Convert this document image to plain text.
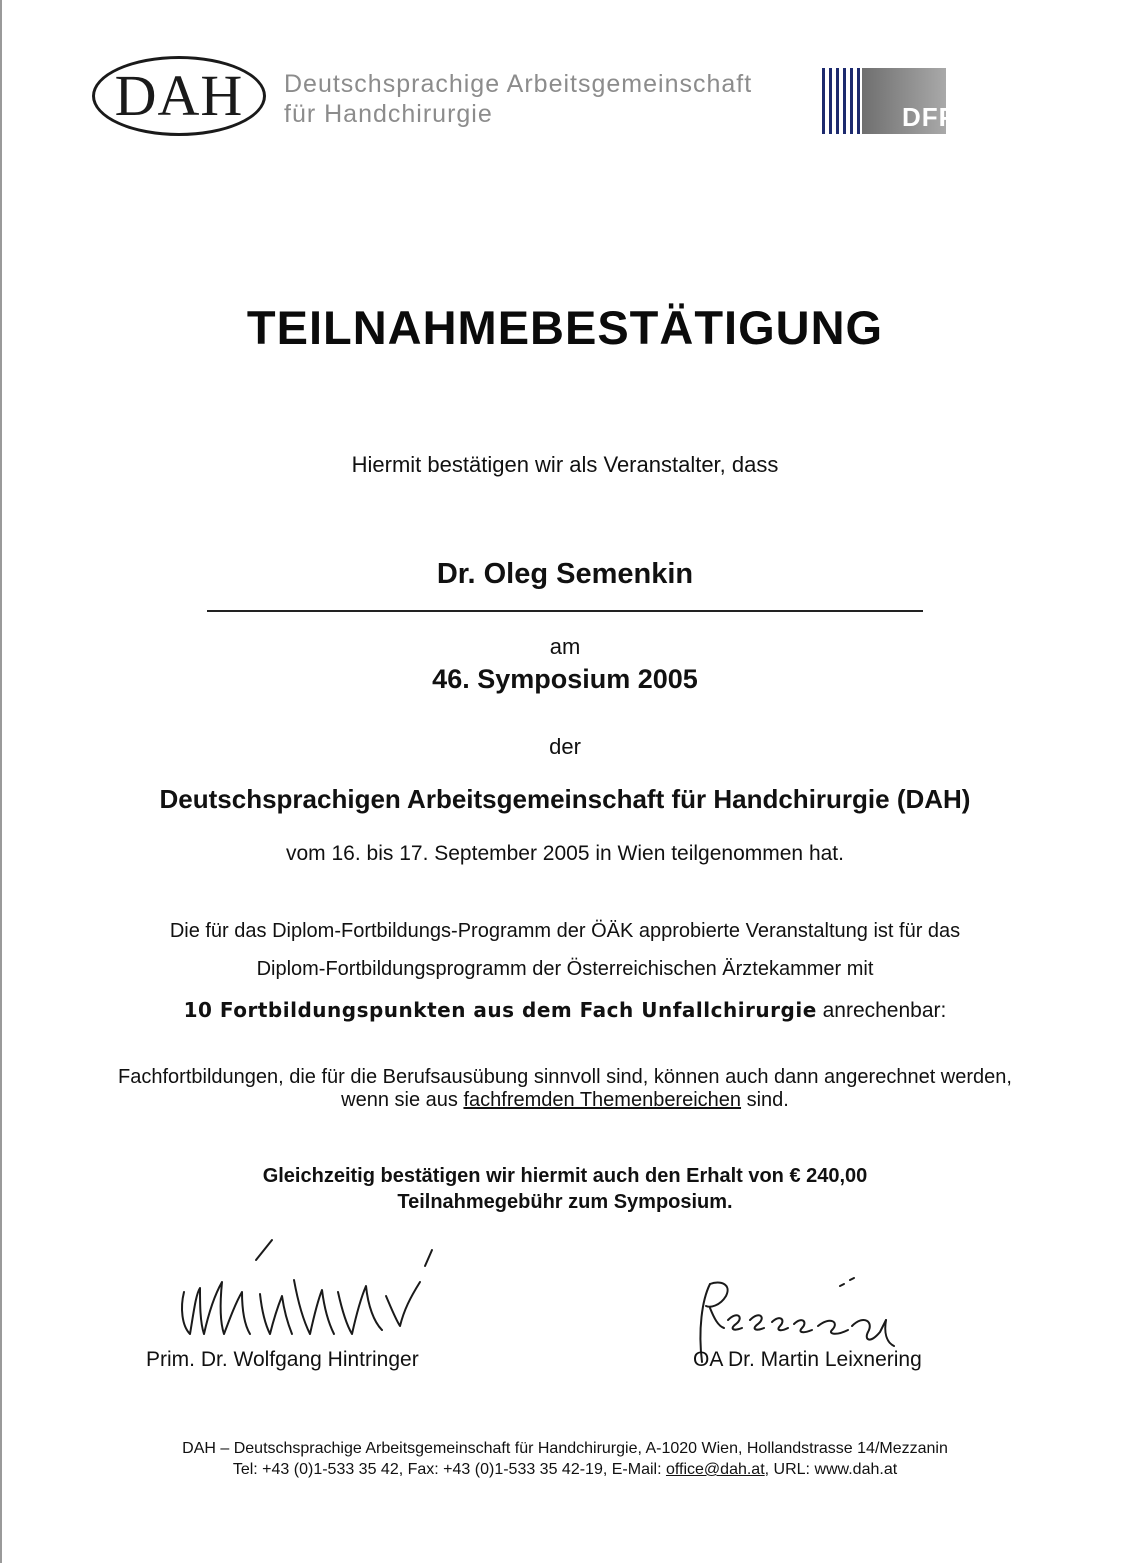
DAH	Deutschsprachige Arbeitsgemeinschaft
für Handchirurgie	DFP
TEILNAHMEBESTÄTIGUNG
Hiermit bestätigen wir als Veranstalter, dass
Dr. Oleg Semenkin
am
46. Symposium 2005
der
Deutschsprachigen Arbeitsgemeinschaft für Handchirurgie (DAH)
vom 16. bis 17. September 2005 in Wien teilgenommen hat.
Die für das Diplom-Fortbildungs-Programm der ÖÄK approbierte Veranstaltung ist für das
Diplom-Fortbildungsprogramm der Österreichischen Ärztekammer mit
10 Fortbildungspunkten aus dem Fach Unfallchirurgie anrechenbar:
Fachfortbildungen, die für die Berufsausübung sinnvoll sind, können auch dann angerechnet werden,
wenn sie aus fachfremden Themenbereichen sind.
Gleichzeitig bestätigen wir hiermit auch den Erhalt von € 240,00
Teilnahmegebühr zum Symposium.
Prim. Dr. Wolfgang Hintringer	OA Dr. Martin Leixnering
DAH – Deutschsprachige Arbeitsgemeinschaft für Handchirurgie, A-1020 Wien, Hollandstrasse 14/Mezzanin
Tel: +43 (0)1-533 35 42, Fax: +43 (0)1-533 35 42-19, E-Mail: office@dah.at, URL: www.dah.at
